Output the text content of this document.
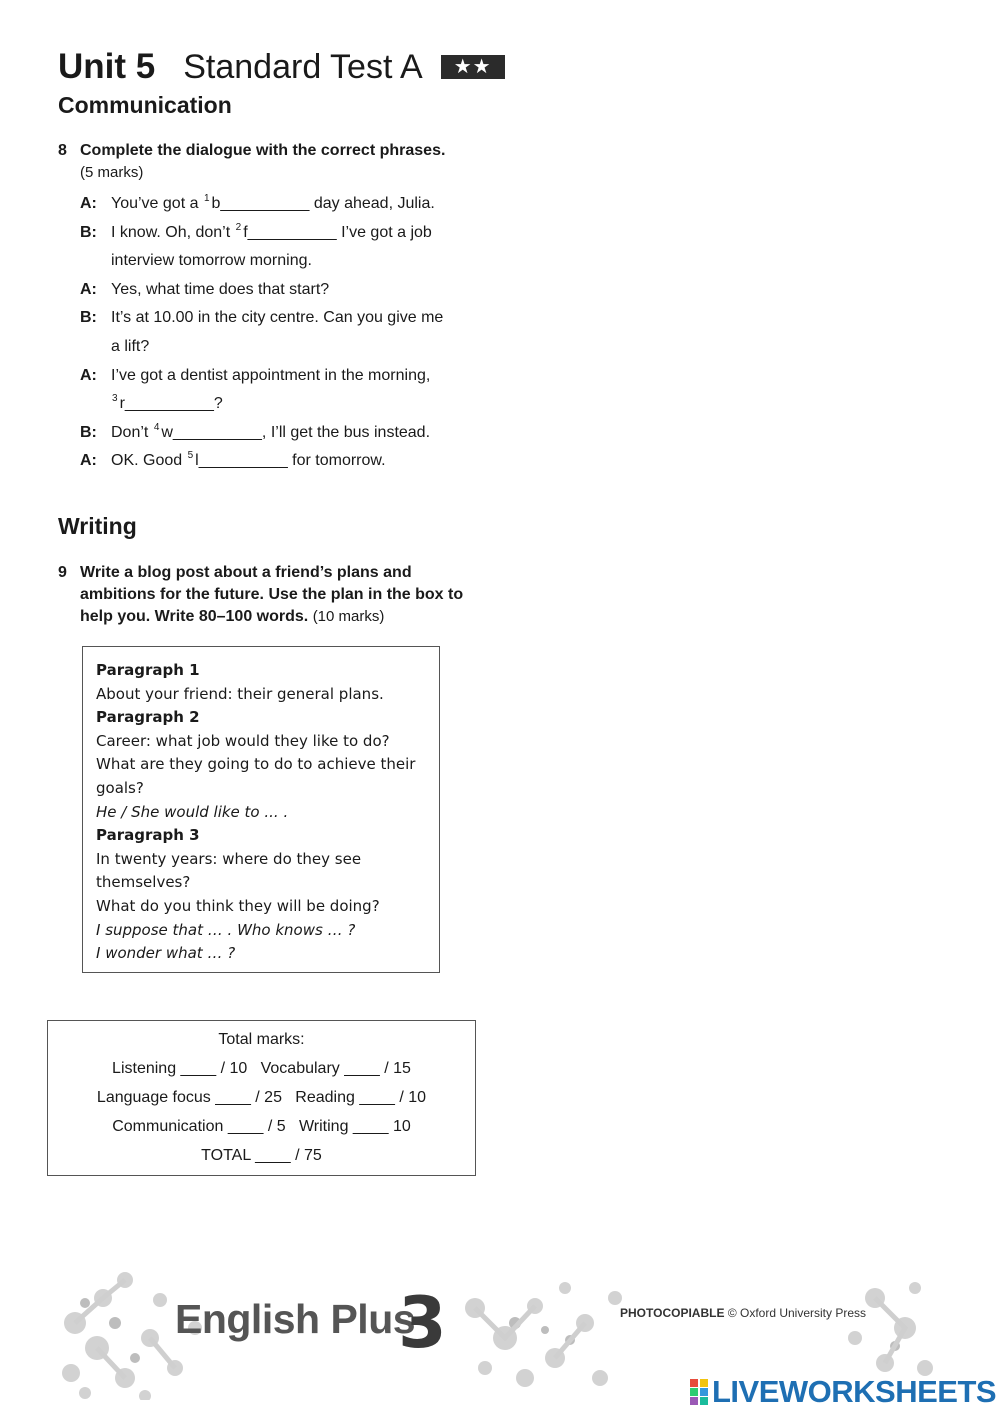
Unit 5 Standard Test A	★★
Communication
8 Complete the dialogue with the correct phrases.
(5 marks)
A: You’ve got a $^1$ b__________ day ahead, Julia.
B: I know. Oh, don’t $^2$ f__________ I’ve got a job
interview tomorrow morning.
A: Yes, what time does that start?
B: It’s at 10.00 in the city centre. Can you give me
a lift?
A: I’ve got a dentist appointment in the morning,
$^3$ r__________?
B: Don’t $^4$ w__________, I’ll get the bus instead.
A: OK. Good $^5$ l__________ for tomorrow.
Writing
9 Write a blog post about a friend’s plans and ambitions for the future. Use the plan in the box to help you. Write 80–100 words. (10 marks)
Paragraph 1
About your friend: their general plans.
Paragraph 2
Career: what job would they like to do?
What are they going to do to achieve their
goals?
He / She would like to ... .
Paragraph 3
In twenty years: where do they see
themselves?
What do you think they will be doing?
I suppose that … . Who knows … ?
I wonder what … ?
Total marks:
Listening ____ / 10   Vocabulary ____ / 15
Language focus ____ / 25   Reading ____ / 10
Communication ____ / 5   Writing ____ 10
TOTAL ____ / 75
English Plus
3	PHOTOCOPIABLE © Oxford University Press
LIVEWORKSHEETS
